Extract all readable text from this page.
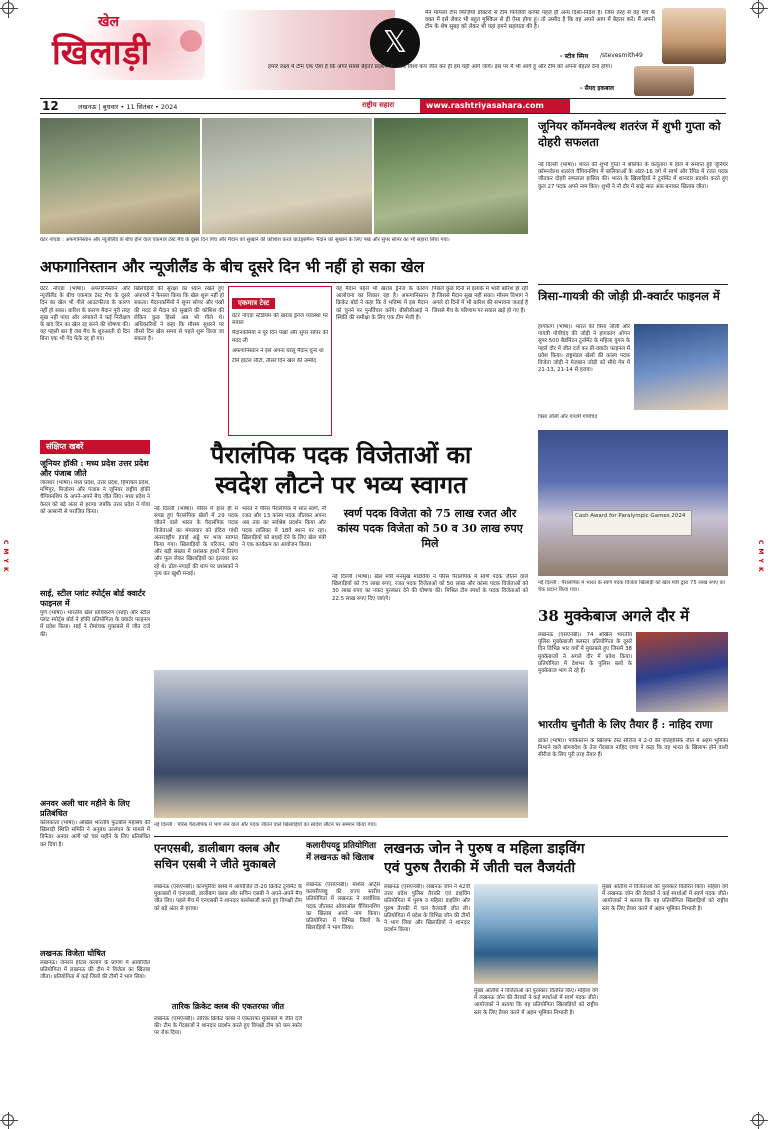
C M Y K	C M Y K
खेल
खिलाड़ी	𝕏
मैंने मामला टीम फिज़ियो डॉक्टरों से टीम फिज़ियो काफी पहले ही अन्य दिशा-निर्देश हैं। जिस तरह से वह मैच के वक्त में इसे लेकर भी बहुत मुश्किल से ही ऐसा होगा हूं। तो उम्मीद है कि वह अपने आप में बेहतर करें। मैं अपनी टीम के शेष सुबह को लेकर भी यहां हमने सहायता की है।
- स्टीव स्मिथ /stevesmith49
हमारे लक्ष्य में टीम एक ऐसा है कि अगर सबसे बेहतर प्रदर्शन का साथ विश्व कप जीत कर ही हम यही आगे जायें। इस पर मैं भी आगे हूं और टीम को अपना बेहतर देना होगा।
- सैयद इकबाल
12	लखनऊ | बुधवार • 11 सितंबर • 2024	राष्ट्रीय सहारा	www.rashtriyasahara.com
ग्रेटर नोएडा : अफगानिस्तान और न्यूजीलैंड के बीच होने वाले एकमात्र टेस्ट मैच के दूसरे दिन पिच और मैदान को सुखाने की कोशिश करते ग्राउंड्समैन। मैदान को सुखाने के लिए पंखे और सुपर सोपर का भी सहारा लिया गया।
अफगानिस्तान और न्यूजीलैंड के बीच दूसरे दिन भी नहीं हो सका खेल
ग्रेटर नोएडा (भाषा)। अफगानिस्तान और न्यूजीलैंड के बीच एकमात्र टेस्ट मैच के दूसरे दिन का खेल भी गीले आउटफील्ड के कारण नहीं हो सका। बारिश के कारण मैदान पूरी तरह सूख नहीं पाया और अंपायरों ने कई निरीक्षण के बाद दिन का खेल रद्द करने की घोषणा की। यह पहली बार है जब मैच के शुरुआती दो दिन बिना एक भी गेंद फेंके रद्द हो गए।
खिलाड़ियों की सुरक्षा का ध्यान रखते हुए अंपायरों ने फैसला किया कि खेल शुरू नहीं हो सकता। मैदानकर्मियों ने सुपर सोपर और पंखों की मदद से मैदान को सुखाने की कोशिश की लेकिन कुछ हिस्से अब भी गीले थे। अधिकारियों ने कहा कि मौसम सुधरने पर तीसरे दिन खेल समय से पहले शुरू किया जा सकता है।
एकमात्र टेस्ट
ग्रेटर नोएडा स्टेडियम की खराब ड्रेनेज व्यवस्था पर सवाल
मैदानकर्मियों ने पूरे दिन पंखों और सुपर सोपर की मदद ली
अफगानिस्तान ने इसे अपना घरेलू मैदान चुना था
टीमें होटल लौटीं, तीसरे दिन खेल की उम्मीद
यह मैदान पहले भी खराब ड्रेनेज के कारण आलोचना का शिकार रहा है। अफगानिस्तान क्रिकेट बोर्ड ने कहा कि वे भविष्य में इस मैदान को चुनने पर पुनर्विचार करेंगे। बीसीसीआई ने स्थिति की समीक्षा के लिए एक टीम भेजी है।
पिछले कुछ दिनों से इलाके में भारी बारिश हो रही है जिससे मैदान सूख नहीं सका। मौसम विभाग ने अगले दो दिनों में भी बारिश की संभावना जताई है जिससे मैच के परिणाम पर सवाल खड़े हो गए हैं।
जूनियर कॉमनवेल्थ शतरंज में शुभी गुप्ता को दोहरी सफलता
नई दिल्ली (भाषा)। भारत की शुभी गुप्ता ने श्रीलंका के कलूतारा में हाल में समाप्त हुई जूनियर कॉमनवेल्थ शतरंज चैंपियनशिप में बालिकाओं के अंडर-16 वर्ग में स्वर्ण और रैपिड में रजत पदक जीतकर दोहरी सफलता हासिल की। भारत के खिलाड़ियों ने टूर्नामेंट में शानदार प्रदर्शन करते हुए कुल 27 पदक अपने नाम किए। शुभी ने नौ दौर में साढ़े सात अंक बनाकर खिताब जीता।
त्रिसा-गायत्री की जोड़ी प्री-क्वार्टर फाइनल में
हांगकांग (भाषा)। भारत की त्रिसा जॉली और गायत्री गोपीचंद की जोड़ी ने हांगकांग ओपन सुपर 500 बैडमिंटन टूर्नामेंट के महिला युगल के पहले दौर में जीत दर्ज कर प्री-क्वार्टर फाइनल में प्रवेश किया। राष्ट्रमंडल खेलों की कांस्य पदक विजेता जोड़ी ने मेजबान जोड़ी को सीधे गेम में 21-13, 21-14 से हराया।
त्रिसा जॉली और गायत्री गोपीचंद
संक्षिप्त खबरें
जूनियर हॉकी : मध्य प्रदेश उत्तर प्रदेश और पंजाब जीते
जालंधर (भाषा)। मध्य प्रदेश, उत्तर प्रदेश, हिमाचल प्रदेश, मणिपुर, मिजोरम और पंजाब ने जूनियर राष्ट्रीय हॉकी चैंपियनशिप के अपने-अपने मैच जीत लिए। मध्य प्रदेश ने केरल को बड़े अंतर से हराया जबकि उत्तर प्रदेश ने गोवा को आसानी से पराजित किया।
साई, स्टील प्लांट स्पोर्ट्स बोर्ड क्वार्टर फाइनल में
पुणे (भाषा)। भारतीय खेल प्राधिकरण (साई) और स्टील प्लांट स्पोर्ट्स बोर्ड ने हॉकी प्रतियोगिता के क्वार्टर फाइनल में प्रवेश किया। साई ने रोमांचक मुकाबले में जीत दर्ज की।
अनवर अली चार महीने के लिए प्रतिबंधित
कोलकाता (भाषा)। अखिल भारतीय फुटबॉल महासंघ की खिलाड़ी स्थिति समिति ने अनुबंध उल्लंघन के मामले में डिफेंडर अनवर अली को चार महीने के लिए प्रतिबंधित कर दिया है।
लखनऊ विजेता घोषित
लखनऊ। जनरल होटल कलांग के प्रांगण में आयोजित प्रतियोगिता में लखनऊ की टीम ने विजेता का खिताब जीता। प्रतियोगिता में कई जिलों की टीमों ने भाग लिया।
पैरालंपिक पदक विजेताओं का
स्वदेश लौटने पर भव्य स्वागत
नई दिल्ली (भाषा)। पेरिस में हाल ही में संपन्न हुए पैरालंपिक खेलों में 29 पदक जीतने वाले भारत के पैरालंपिक पदक विजेताओं का मंगलवार को इंदिरा गांधी अंतरराष्ट्रीय हवाई अड्डे पर भव्य स्वागत किया गया। खिलाड़ियों के परिजन, कोच और बड़ी संख्या में प्रशंसक हाथों में तिरंगा और फूल लेकर खिलाड़ियों का इंतजार कर रहे थे। ढोल-नगाड़ों की थाप पर प्रशंसकों ने नृत्य कर खुशी मनाई।
भारत ने पेरिस पैरालंपिक में सात स्वर्ण, नौ रजत और 13 कांस्य पदक जीतकर अपना अब तक का सर्वश्रेष्ठ प्रदर्शन किया और पदक तालिका में 18वें स्थान पर रहा। खिलाड़ियों को बधाई देने के लिए खेल मंत्री ने एक कार्यक्रम का आयोजन किया।
स्वर्ण पदक विजेता को 75 लाख रजत और कांस्य पदक विजेता को 50 व 30 लाख रुपए मिले
नई दिल्ली (भाषा)। खेल मंत्री मनसुख मांडविया ने पेरिस पैरालंपिक में स्वर्ण पदक जीतने वाले खिलाड़ियों को 75 लाख रुपए, रजत पदक विजेताओं को 50 लाख और कांस्य पदक विजेताओं को 30 लाख रुपए का नकद पुरस्कार देने की घोषणा की। मिश्रित टीम स्पर्धा के पदक विजेताओं को 22.5 लाख रुपए दिए जाएंगे।
नई दिल्ली : पेरिस पैरालंपिक में भाग लेने वाले और पदक जीतने वाले खिलाड़ियों का स्वदेश लौटने पर सम्मान किया गया।
Cash Award for Paralympic Games 2024
नई दिल्ली : पैरालंपिक में भारत के स्वर्ण पदक विजेता खिलाड़ी को खेल मंत्री द्वारा 75 लाख रुपए का चेक प्रदान किया गया।
38 मुक्केबाज अगले दौर में
लखनऊ (एसएनबी)। 74 अखिल भारतीय पुलिस मुक्केबाजी क्लस्टर प्रतियोगिता के दूसरे दिन विभिन्न भार वर्गों में मुकाबले हुए जिसमें 38 मुक्केबाजों ने अगले दौर में प्रवेश किया। प्रतियोगिता में देशभर के पुलिस बलों के मुक्केबाज भाग ले रहे हैं।
भारतीय चुनौती के लिए तैयार हैं : नाहिद राणा
ढाका (भाषा)। पाकिस्तान के खिलाफ टेस्ट सीरीज में 2-0 की ऐतिहासिक जीत में अहम भूमिका निभाने वाले बांग्लादेश के तेज गेंदबाज नाहिद राणा ने कहा कि वह भारत के खिलाफ होने वाली सीरीज के लिए पूरी तरह तैयार हैं।
एनएसबी, डालीबाग क्लब और सचिन एसबी ने जीते मुकाबले
लखनऊ (एसएनबी)। कानपुरिया क्लब में आयोजित टी-20 क्रिकेट टूर्नामेंट के मुकाबलों में एनएसबी, डालीबाग क्लब और सचिन एसबी ने अपने-अपने मैच जीत लिए। पहले मैच में एनएसबी ने शानदार बल्लेबाजी करते हुए विपक्षी टीम को बड़े अंतर से हराया।
तारिक क्रिकेट क्लब की एकतरफा जीत
लखनऊ (एसएनबी)। तारिक क्रिकेट क्लब ने एकतरफा मुकाबले में जीत दर्ज की। टीम के गेंदबाजों ने शानदार प्रदर्शन करते हुए विपक्षी टीम को कम स्कोर पर रोक दिया।
कलारीपयट्टू प्रतियोगिता में लखनऊ को खिताब
लखनऊ (एसएनबी)। मार्शल आर्ट्स कलारीपयट्टू की राज्य स्तरीय प्रतियोगिता में लखनऊ ने सर्वाधिक पदक जीतकर ओवरऑल चैंपियनशिप का खिताब अपने नाम किया। प्रतियोगिता में विभिन्न जिलों के खिलाड़ियों ने भाग लिया।
लखनऊ जोन ने पुरुष व महिला डाइविंग
एवं पुरुष तैराकी में जीती चल वैजयंती
लखनऊ (एसएनबी)। लखनऊ जोन ने 42वीं उत्तर प्रदेश पुलिस तैराकी एवं डाइविंग प्रतियोगिता में पुरुष व महिला डाइविंग और पुरुष तैराकी में चल वैजयंती जीत ली। प्रतियोगिता में प्रदेश के विभिन्न जोन की टीमों ने भाग लिया और खिलाड़ियों ने शानदार प्रदर्शन किया।
मुख्य अतिथि ने विजेताओं को पुरस्कार वितरित किए। महिला वर्ग में लखनऊ जोन की तैराकों ने कई स्पर्धाओं में स्वर्ण पदक जीते। आयोजकों ने बताया कि यह प्रतियोगिता खिलाड़ियों को राष्ट्रीय स्तर के लिए तैयार करने में अहम भूमिका निभाती है।
मुख्य अतिथि ने विजेताओं को पुरस्कार वितरित किए। महिला वर्ग में लखनऊ जोन की तैराकों ने कई स्पर्धाओं में स्वर्ण पदक जीते। आयोजकों ने बताया कि यह प्रतियोगिता खिलाड़ियों को राष्ट्रीय स्तर के लिए तैयार करने में अहम भूमिका निभाती है।
